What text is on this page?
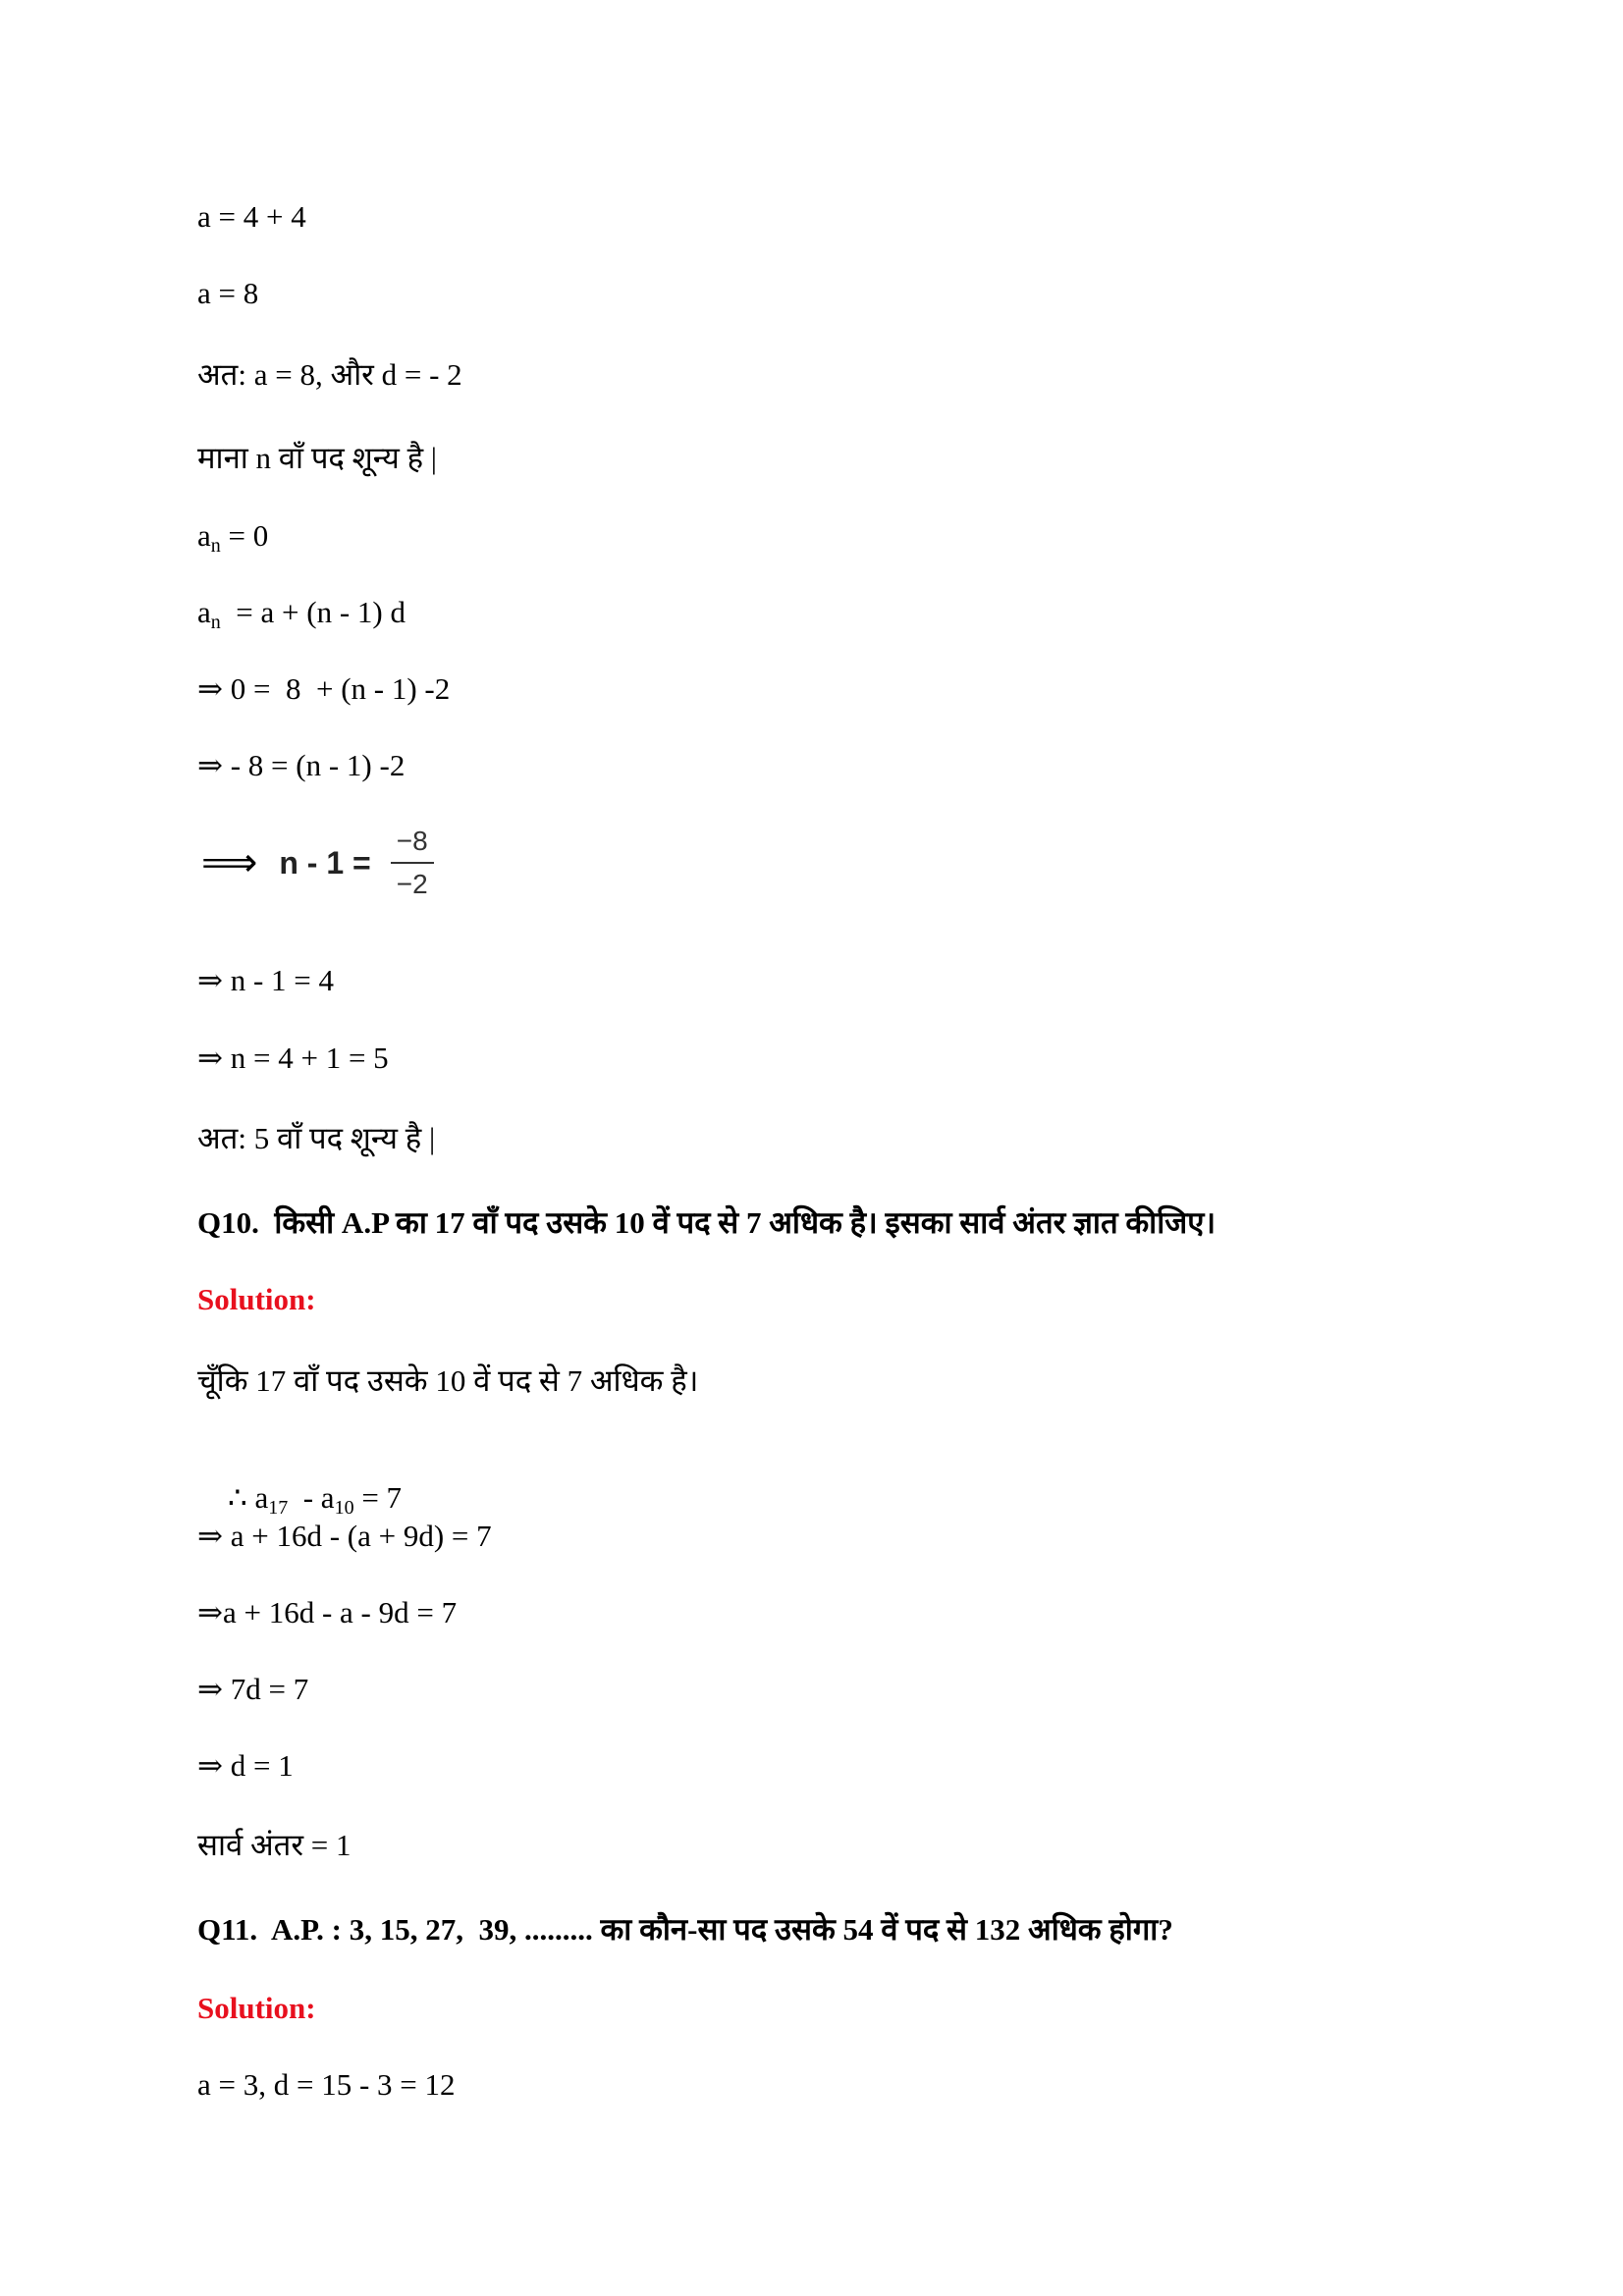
a = 4 + 4
a = 8
अत: a = 8, और d = - 2
माना n वाँ पद शून्य है |
$a_n = 0$
$a_n = a + (n - 1)$ d
⇒ 0 =  8  + (n - 1) -2
⇒ - 8 = (n - 1) -2
⟹ $n - 1 = \frac{-8}{-2}$
⇒ n - 1 = 4
⇒ n = 4 + 1 = 5
अत: 5 वाँ पद शून्य है |
Q10.  किसी A.P का 17 वाँ पद उसके 10 वें पद से 7 अधिक है। इसका सार्व अंतर ज्ञात कीजिए।
Solution:
चूँकि 17 वाँ पद उसके 10 वें पद से 7 अधिक है।

∴ $a_{17} - a_{10} = 7$

⇒ a + 16d - (a + 9d) = 7
⇒a + 16d - a - 9d = 7
⇒ 7d = 7
⇒ d = 1
सार्व अंतर = 1
Q11.  A.P. : 3, 15, 27,  39, ......... का कौन-सा पद उसके 54 वें पद से 132 अधिक होगा?
Solution:
a = 3, d = 15 - 3 = 12
